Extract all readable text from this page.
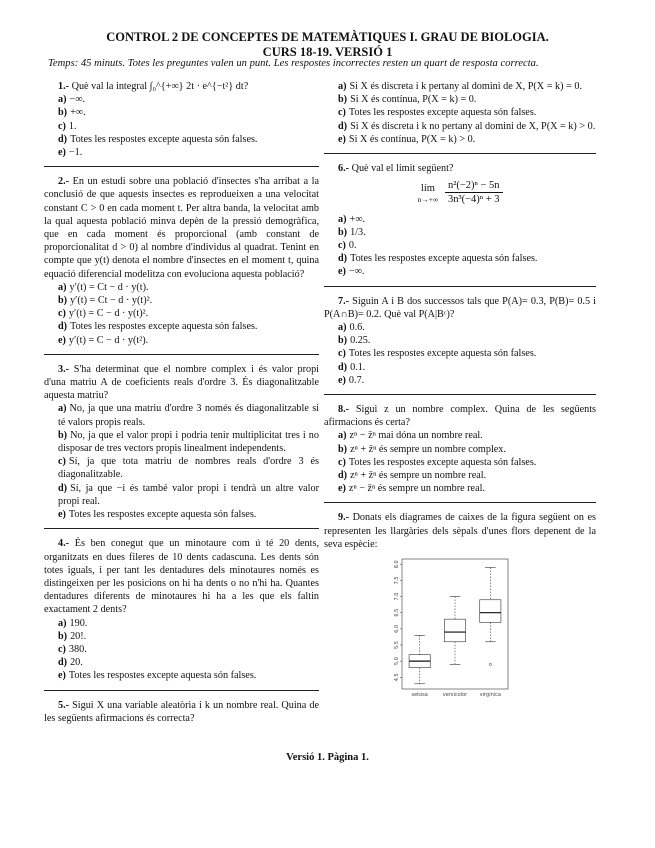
CONTROL 2 DE CONCEPTES DE MATEMÀTIQUES I. GRAU DE BIOLOGIA.
CURS 18-19. VERSIÓ 1
Temps: 45 minuts. Totes les preguntes valen un punt. Les respostes incorrectes resten un quart de resposta correcta.
1.- Què val la integral ∫₀^{+∞} 2t · e^{−t²} dt?
a) −∞.
b) +∞.
c) 1.
d) Totes les respostes excepte aquesta són falses.
e) −1.
2.- En un estudi sobre una població d'insectes s'ha arribat a la conclusió de que aquests insectes es reprodueixen a una velocitat constant C > 0 en cada moment t. Per altra banda, la velocitat amb la qual aquesta població minva depèn de la pressió demogràfica, que en cada moment és proporcional (amb constant de proporcionalitat d > 0) al nombre d'individus al quadrat. Tenint en compte que y(t) denota el nombre d'insectes en el moment t, quina equació diferencial modelitza con evoluciona aquesta població?
a) y′(t) = Ct − d · y(t).
b) y′(t) = Ct − d · y(t)².
c) y′(t) = C − d · y(t)².
d) Totes les respostes excepte aquesta són falses.
e) y′(t) = C − d · y(t²).
3.- S'ha determinat que el nombre complex i és valor propi d'una matriu A de coeficients reals d'ordre 3. És diagonalitzable aquesta matriu?
a) No, ja que una matriu d'ordre 3 només és diagonalitzable si té valors propis reals.
b) No, ja que el valor propi i podria tenir multiplicitat tres i no disposar de tres vectors propis linealment independents.
c) Sí, ja que tota matriu de nombres reals d'ordre 3 és diagonalitzable.
d) Sí, ja que −i és també valor propi i tendrà un altre valor propi real.
e) Totes les respostes excepte aquesta són falses.
4.- És ben conegut que un minotaure com ú té 20 dents, organitzats en dues fileres de 10 dents cadascuna. Les dents són totes iguals, i per tant les dentadures dels minotaures només es distingeixen per les posicions on hi ha dents o no n'hi ha. Quantes dentadures diferents de minotaures hi ha a les que els faltin exactament 2 dents?
a) 190.
b) 20!.
c) 380.
d) 20.
e) Totes les respostes excepte aquesta són falses.
5.- Sigui X una variable aleatòria i k un nombre real. Quina de les següents afirmacions és correcta?
a) Si X és discreta i k pertany al domini de X, P(X = k) = 0.
b) Si X és contínua, P(X = k) = 0.
c) Totes les respostes excepte aquesta són falses.
d) Si X és discreta i k no pertany al domini de X, P(X = k) > 0.
e) Si X és contínua, P(X = k) > 0.
6.- Què val el límit següent?
lím
n→+∞
$\frac{\text{n²(−2)ⁿ − 5n}}{\text{3n³(−4)ⁿ + 3}}$
a) +∞.
b) 1/3.
c) 0.
d) Totes les respostes excepte aquesta són falses.
e) −∞.
7.- Siguin A i B dos successos tals que P(A)= 0.3, P(B)= 0.5 i P(A∩B)= 0.2. Què val P(A|Bᶜ)?
a) 0.6.
b) 0.25.
c) Totes les respostes excepte aquesta són falses.
d) 0.1.
e) 0.7.
8.- Sigui z un nombre complex. Quina de les següents afirmacions és certa?
a) zⁿ − z̄ⁿ mai dóna un nombre real.
b) zⁿ + z̄ⁿ és sempre un nombre complex.
c) Totes les respostes excepte aquesta són falses.
d) zⁿ + z̄ⁿ és sempre un nombre real.
e) zⁿ − z̄ⁿ és sempre un nombre real.
9.- Donats els diagrames de caixes de la figura següent on es representen les llargàries dels sèpals d'unes flors depenent de la seva espècie:
4.5
5.0
5.5
6.0
6.5
7.0
7.5
8.0
setosa	versicolor	virginica
Versió 1. Pàgina 1.
